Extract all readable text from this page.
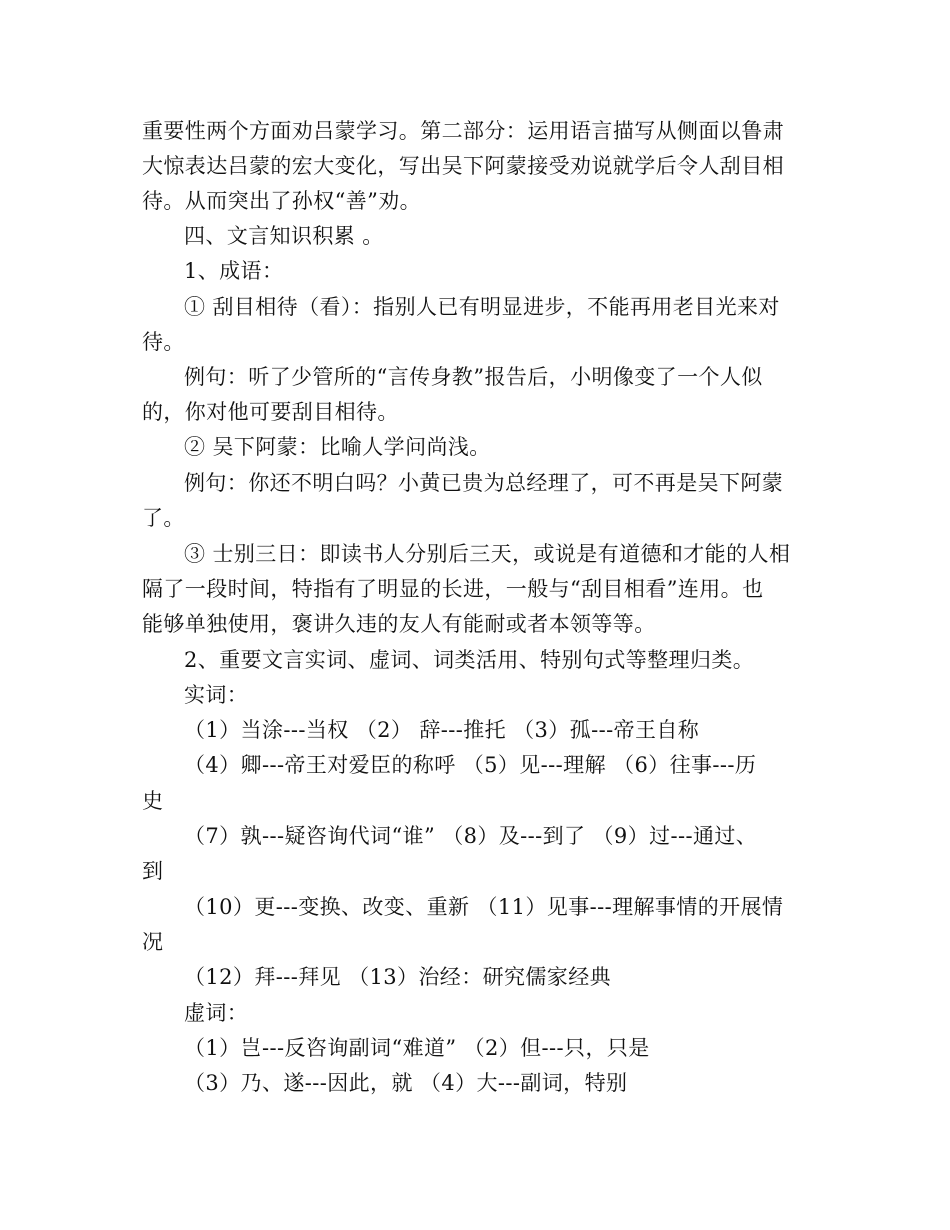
重要性两个方面劝吕蒙学习。第二部分：运用语言描写从侧面以鲁肃
大惊表达吕蒙的宏大变化，写出吴下阿蒙接受劝说就学后令人刮目相
待。从而突出了孙权“善”劝。
四、文言知识积累 。
1、成语：
① 刮目相待（看）：指别人已有明显进步，不能再用老目光来对
待。
例句：听了少管所的“言传身教”报告后，小明像变了一个人似
的，你对他可要刮目相待。
② 吴下阿蒙：比喻人学问尚浅。
例句：你还不明白吗？小黄已贵为总经理了，可不再是吴下阿蒙
了。
③ 士别三日：即读书人分别后三天，或说是有道德和才能的人相
隔了一段时间，特指有了明显的长进，一般与“刮目相看”连用。也
能够单独使用，褒讲久违的友人有能耐或者本领等等。
2、重要文言实词、虚词、词类活用、特别句式等整理归类。
实词：
（1）当涂---当权 （2） 辞---推托 （3）孤---帝王自称
（4）卿---帝王对爱臣的称呼 （5）见---理解 （6）往事---历
史
（7）孰---疑咨询代词“谁” （8）及---到了 （9）过---通过、
到
（10）更---变换、改变、重新 （11）见事---理解事情的开展情
况
（12）拜---拜见 （13）治经：研究儒家经典
虚词：
（1）岂---反咨询副词“难道” （2）但---只，只是
（3）乃、遂---因此，就 （4）大---副词，特别
